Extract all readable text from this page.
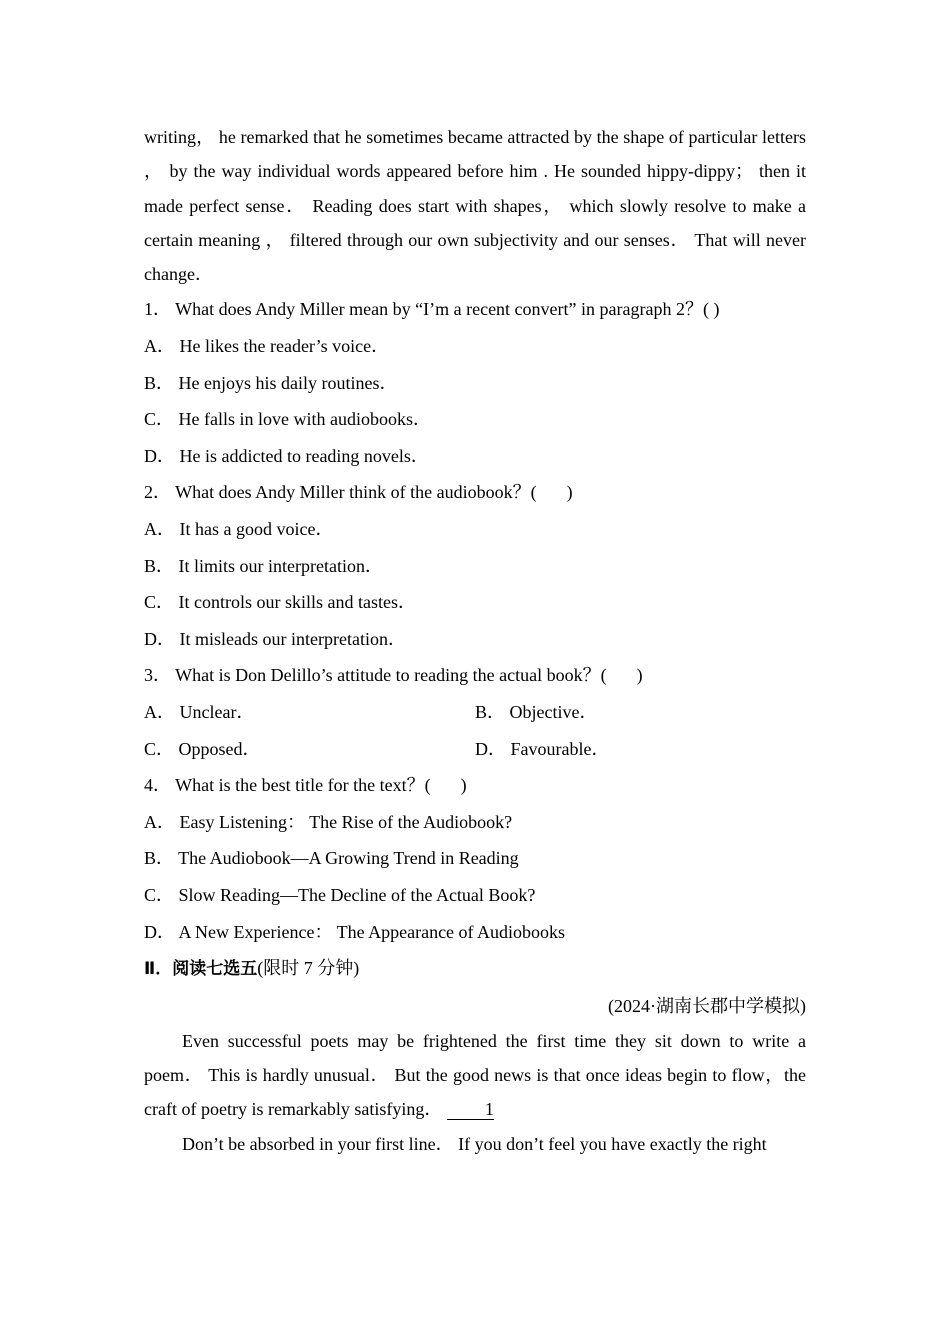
writing， he remarked that he sometimes became attracted by the shape of particular letters ， by the way individual words appeared before him . He sounded hippy-dippy； then it made perfect sense． Reading does start with shapes， which slowly resolve to make a certain meaning ， filtered through our own subjectivity and our senses． That will never change．

1． What does Andy Miller mean by “I’m a recent convert” in paragraph 2？( )

A． He likes the reader’s voice．

B． He enjoys his daily routines．

C． He falls in love with audiobooks．

D． He is addicted to reading novels．

2． What does Andy Miller think of the audiobook？( )

A． It has a good voice．

B． It limits our interpretation．

C． It controls our skills and tastes．

D． It misleads our interpretation．

3． What is Don Delillo’s attitude to reading the actual book？( )

A． Unclear．	B． Objective．
C． Opposed．	D． Favourable．

4． What is the best title for the text？( )

A． Easy Listening： The Rise of the Audiobook?

B． The Audiobook—A Growing Trend in Reading

C． Slow Reading—The Decline of the Actual Book?

D． A New Experience： The Appearance of Audiobooks

Ⅱ．阅读七选五(限时 7 分钟)

(2024·湖南长郡中学模拟)

Even successful poets may be frightened the first time they sit down to write a poem． This is hardly unusual． But the good news is that once ideas begin to flow，the craft of poetry is remarkably satisfying． 1

Don’t be absorbed in your first line． If you don’t feel you have exactly the right
